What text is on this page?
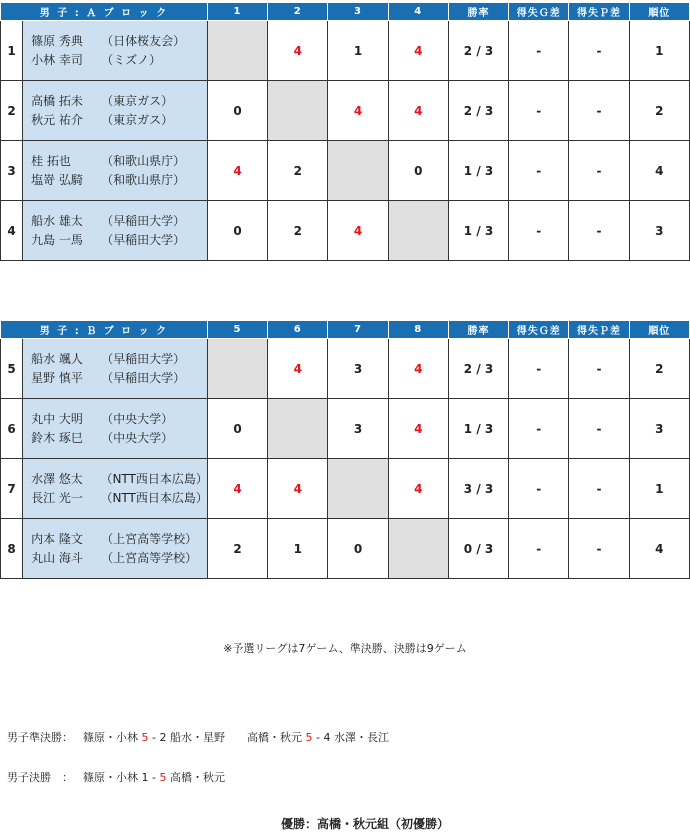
男 子 : Ａ ブ ロ ッ ク		1	2	3	4	勝率	得失Ｇ差	得失Ｐ差	順位
1	篠原 秀典 （日体桜友会）
小林 幸司 （ミズノ）		4	1	4	2 / 3	-	-	1
2	高橋 拓未 （東京ガス）
秋元 祐介 （東京ガス）	0		4	4	2 / 3	-	-	2
3	桂 拓也 （和歌山県庁）
塩嵜 弘騎 （和歌山県庁）	4	2		0	1 / 3	-	-	4
4	船水 雄太 （早稲田大学）
九島 一馬 （早稲田大学）	0	2	4		1 / 3	-	-	3
男 子 : Ｂ ブ ロ ッ ク		5	6	7	8	勝率	得失Ｇ差	得失Ｐ差	順位
5	船水 颯人 （早稲田大学）
星野 慎平 （早稲田大学）		4	3	4	2 / 3	-	-	2
6	丸中 大明 （中央大学）
鈴木 琢巳 （中央大学）	0		3	4	1 / 3	-	-	3
7	水澤 悠太 （NTT西日本広島）
長江 光一 （NTT西日本広島）	4	4		4	3 / 3	-	-	1
8	内本 隆文 （上宮高等学校）
丸山 海斗 （上宮高等学校）	2	1	0		0 / 3	-	-	4
※予選リーグは7ゲーム、準決勝、決勝は9ゲーム

男子準決勝： 篠原・小林 5 - 2 船水・星野 高橋・秋元 5 - 4 水澤・長江

男子決勝　： 篠原・小林 1 - 5 高橋・秋元

優勝：高橋・秋元組（初優勝）
